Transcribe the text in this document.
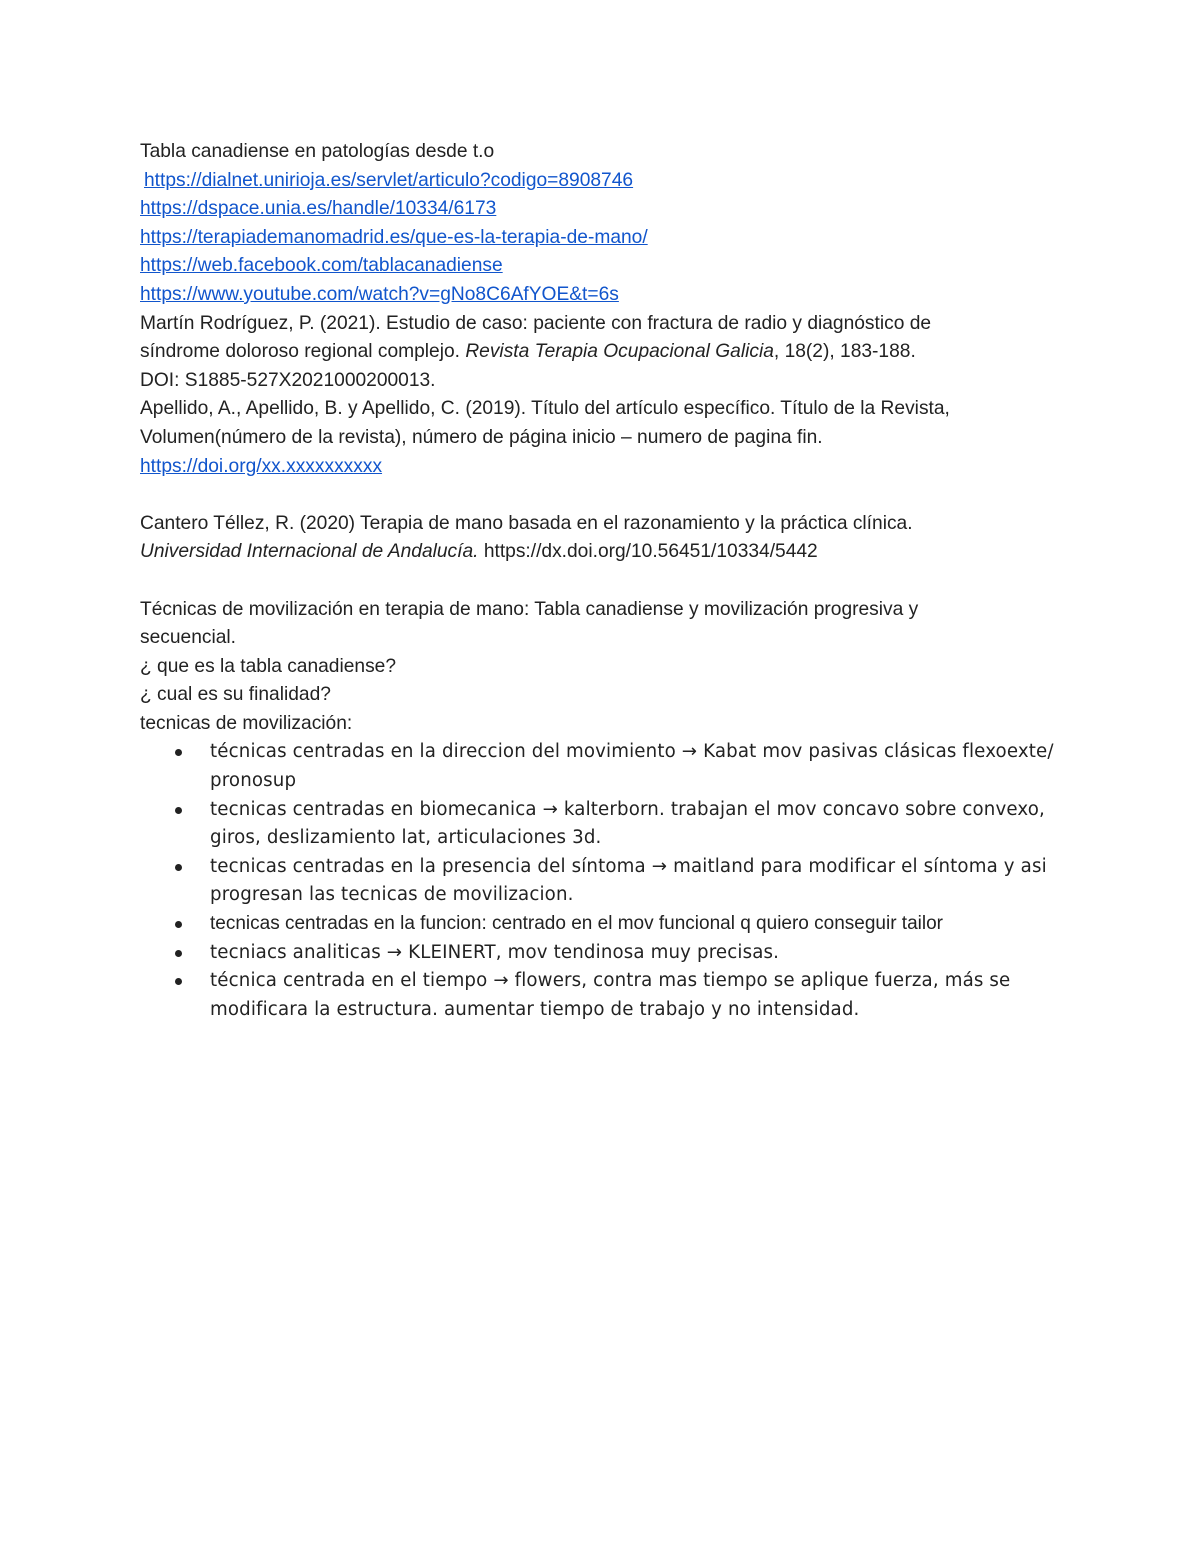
Tabla canadiense en patologías desde t.o
https://dialnet.unirioja.es/servlet/articulo?codigo=8908746
https://dspace.unia.es/handle/10334/6173
https://terapiademanomadrid.es/que-es-la-terapia-de-mano/
https://web.facebook.com/tablacanadiense
https://www.youtube.com/watch?v=gNo8C6AfYOE&t=6s
Martín Rodríguez, P. (2021). Estudio de caso: paciente con fractura de radio y diagnóstico de
síndrome doloroso regional complejo. Revista Terapia Ocupacional Galicia, 18(2), 183-188.
DOI: S1885-527X2021000200013.
Apellido, A., Apellido, B. y Apellido, C. (2019). Título del artículo específico. Título de la Revista,
Volumen(número de la revista), número de página inicio – numero de pagina fin.
https://doi.org/xx.xxxxxxxxxx
Cantero Téllez, R. (2020) Terapia de mano basada en el razonamiento y la práctica clínica.
Universidad Internacional de Andalucía. https://dx.doi.org/10.56451/10334/5442
Técnicas de movilización en terapia de mano: Tabla canadiense y movilización progresiva y
secuencial.
¿ que es la tabla canadiense?
¿ cual es su finalidad?
tecnicas de movilización:
técnicas centradas en la direccion del movimiento → Kabat mov pasivas clásicas flexoexte/ pronosup
tecnicas centradas en biomecanica → kalterborn. trabajan el mov concavo sobre convexo, giros, deslizamiento lat, articulaciones 3d.
tecnicas centradas en la presencia del síntoma → maitland para modificar el síntoma y asi progresan las tecnicas de movilizacion.
tecnicas centradas en la funcion: centrado en el mov funcional q quiero conseguir tailor
tecniacs analiticas → KLEINERT, mov tendinosa muy precisas.
técnica centrada en el tiempo → flowers, contra mas tiempo se aplique fuerza, más se modificara la estructura. aumentar tiempo de trabajo y no intensidad.
